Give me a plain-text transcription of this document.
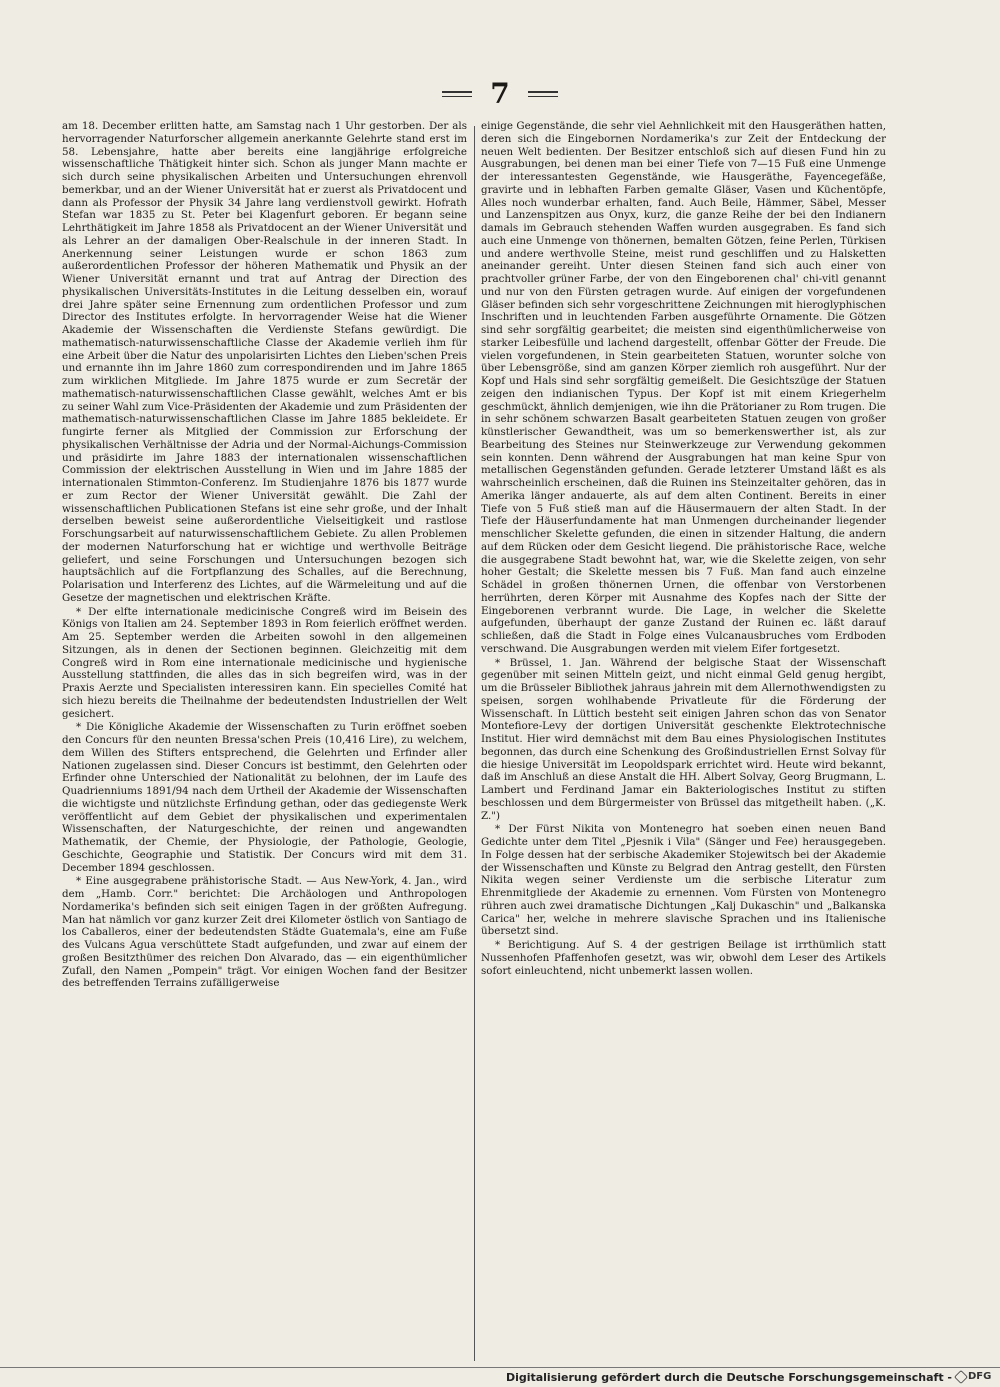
7

am 18. December erlitten hatte, am Samstag nach 1 Uhr gestorben. Der als hervorragender Naturforscher allgemein anerkannte Gelehrte stand erst im 58. Lebensjahre, hatte aber bereits eine langjährige erfolgreiche wissenschaftliche Thätigkeit hinter sich. Schon als junger Mann machte er sich durch seine physikalischen Arbeiten und Untersuchungen ehrenvoll bemerkbar, und an der Wiener Universität hat er zuerst als Privatdocent und dann als Professor der Physik 34 Jahre lang verdienstvoll gewirkt. Hofrath Stefan war 1835 zu St. Peter bei Klagenfurt geboren. Er begann seine Lehrthätigkeit im Jahre 1858 als Privatdocent an der Wiener Universität und als Lehrer an der damaligen Ober-Realschule in der inneren Stadt. In Anerkennung seiner Leistungen wurde er schon 1863 zum außerordentlichen Professor der höheren Mathematik und Physik an der Wiener Universität ernannt und trat auf Antrag der Direction des physikalischen Universitäts-Institutes in die Leitung desselben ein, worauf drei Jahre später seine Ernennung zum ordentlichen Professor und zum Director des Institutes erfolgte. In hervorragender Weise hat die Wiener Akademie der Wissenschaften die Verdienste Stefans gewürdigt. Die mathematisch-naturwissenschaftliche Classe der Akademie verlieh ihm für eine Arbeit über die Natur des unpolarisirten Lichtes den Lieben'schen Preis und ernannte ihn im Jahre 1860 zum correspondirenden und im Jahre 1865 zum wirklichen Mitgliede. Im Jahre 1875 wurde er zum Secretär der mathematisch-naturwissenschaftlichen Classe gewählt, welches Amt er bis zu seiner Wahl zum Vice-Präsidenten der Akademie und zum Präsidenten der mathematisch-naturwissenschaftlichen Classe im Jahre 1885 bekleidete. Er fungirte ferner als Mitglied der Commission zur Erforschung der physikalischen Verhältnisse der Adria und der Normal-Aichungs-Commission und präsidirte im Jahre 1883 der internationalen wissenschaftlichen Commission der elektrischen Ausstellung in Wien und im Jahre 1885 der internationalen Stimmton-Conferenz. Im Studienjahre 1876 bis 1877 wurde er zum Rector der Wiener Universität gewählt. Die Zahl der wissenschaftlichen Publicationen Stefans ist eine sehr große, und der Inhalt derselben beweist seine außerordentliche Vielseitigkeit und rastlose Forschungsarbeit auf naturwissenschaftlichem Gebiete. Zu allen Problemen der modernen Naturforschung hat er wichtige und werthvolle Beiträge geliefert, und seine Forschungen und Untersuchungen bezogen sich hauptsächlich auf die Fortpflanzung des Schalles, auf die Berechnung, Polarisation und Interferenz des Lichtes, auf die Wärmeleitung und auf die Gesetze der magnetischen und elektrischen Kräfte.

* Der elfte internationale medicinische Congreß wird im Beisein des Königs von Italien am 24. September 1893 in Rom feierlich eröffnet werden. Am 25. September werden die Arbeiten sowohl in den allgemeinen Sitzungen, als in denen der Sectionen beginnen. Gleichzeitig mit dem Congreß wird in Rom eine internationale medicinische und hygienische Ausstellung stattfinden, die alles das in sich begreifen wird, was in der Praxis Aerzte und Specialisten interessiren kann. Ein specielles Comité hat sich hiezu bereits die Theilnahme der bedeutendsten Industriellen der Welt gesichert.

* Die Königliche Akademie der Wissenschaften zu Turin eröffnet soeben den Concurs für den neunten Bressa'schen Preis (10,416 Lire), zu welchem, dem Willen des Stifters entsprechend, die Gelehrten und Erfinder aller Nationen zugelassen sind. Dieser Concurs ist bestimmt, den Gelehrten oder Erfinder ohne Unterschied der Nationalität zu belohnen, der im Laufe des Quadrienniums 1891/94 nach dem Urtheil der Akademie der Wissenschaften die wichtigste und nützlichste Erfindung gethan, oder das gediegenste Werk veröffentlicht auf dem Gebiet der physikalischen und experimentalen Wissenschaften, der Naturgeschichte, der reinen und angewandten Mathematik, der Chemie, der Physiologie, der Pathologie, Geologie, Geschichte, Geographie und Statistik. Der Concurs wird mit dem 31. December 1894 geschlossen.

* Eine ausgegrabene prähistorische Stadt. — Aus New-York, 4. Jan., wird dem „Hamb. Corr." berichtet: Die Archäologen und Anthropologen Nordamerika's befinden sich seit einigen Tagen in der größten Aufregung. Man hat nämlich vor ganz kurzer Zeit drei Kilometer östlich von Santiago de los Caballeros, einer der bedeutendsten Städte Guatemala's, eine am Fuße des Vulcans Agua verschüttete Stadt aufgefunden, und zwar auf einem der großen Besitzthümer des reichen Don Alvarado, das — ein eigenthümlicher Zufall, den Namen „Pompein" trägt. Vor einigen Wochen fand der Besitzer des betreffenden Terrains zufälligerweise

einige Gegenstände, die sehr viel Aehnlichkeit mit den Hausgeräthen hatten, deren sich die Eingebornen Nordamerika's zur Zeit der Entdeckung der neuen Welt bedienten. Der Besitzer entschloß sich auf diesen Fund hin zu Ausgrabungen, bei denen man bei einer Tiefe von 7—15 Fuß eine Unmenge der interessantesten Gegenstände, wie Hausgeräthe, Fayencegefäße, gravirte und in lebhaften Farben gemalte Gläser, Vasen und Küchentöpfe, Alles noch wunderbar erhalten, fand. Auch Beile, Hämmer, Säbel, Messer und Lanzenspitzen aus Onyx, kurz, die ganze Reihe der bei den Indianern damals im Gebrauch stehenden Waffen wurden ausgegraben. Es fand sich auch eine Unmenge von thönernen, bemalten Götzen, feine Perlen, Türkisen und andere werthvolle Steine, meist rund geschliffen und zu Halsketten aneinander gereiht. Unter diesen Steinen fand sich auch einer von prachtvoller grüner Farbe, der von den Eingeborenen chal' chi-vitl genannt und nur von den Fürsten getragen wurde. Auf einigen der vorgefundenen Gläser befinden sich sehr vorgeschrittene Zeichnungen mit hieroglyphischen Inschriften und in leuchtenden Farben ausgeführte Ornamente. Die Götzen sind sehr sorgfältig gearbeitet; die meisten sind eigenthümlicherweise von starker Leibesfülle und lachend dargestellt, offenbar Götter der Freude. Die vielen vorgefundenen, in Stein gearbeiteten Statuen, worunter solche von über Lebensgröße, sind am ganzen Körper ziemlich roh ausgeführt. Nur der Kopf und Hals sind sehr sorgfältig gemeißelt. Die Gesichtszüge der Statuen zeigen den indianischen Typus. Der Kopf ist mit einem Kriegerhelm geschmückt, ähnlich demjenigen, wie ihn die Prätorianer zu Rom trugen. Die in sehr schönem schwarzen Basalt gearbeiteten Statuen zeugen von großer künstlerischer Gewandtheit, was um so bemerkenswerther ist, als zur Bearbeitung des Steines nur Steinwerkzeuge zur Verwendung gekommen sein konnten. Denn während der Ausgrabungen hat man keine Spur von metallischen Gegenständen gefunden. Gerade letzterer Umstand läßt es als wahrscheinlich erscheinen, daß die Ruinen ins Steinzeitalter gehören, das in Amerika länger andauerte, als auf dem alten Continent. Bereits in einer Tiefe von 5 Fuß stieß man auf die Häusermauern der alten Stadt. In der Tiefe der Häuserfundamente hat man Unmengen durcheinander liegender menschlicher Skelette gefunden, die einen in sitzender Haltung, die andern auf dem Rücken oder dem Gesicht liegend. Die prähistorische Race, welche die ausgegrabene Stadt bewohnt hat, war, wie die Skelette zeigen, von sehr hoher Gestalt; die Skelette messen bis 7 Fuß. Man fand auch einzelne Schädel in großen thönernen Urnen, die offenbar von Verstorbenen herrührten, deren Körper mit Ausnahme des Kopfes nach der Sitte der Eingeborenen verbrannt wurde. Die Lage, in welcher die Skelette aufgefunden, überhaupt der ganze Zustand der Ruinen ec. läßt darauf schließen, daß die Stadt in Folge eines Vulcanausbruches vom Erdboden verschwand. Die Ausgrabungen werden mit vielem Eifer fortgesetzt.

* Brüssel, 1. Jan. Während der belgische Staat der Wissenschaft gegenüber mit seinen Mitteln geizt, und nicht einmal Geld genug hergibt, um die Brüsseler Bibliothek jahraus jahrein mit dem Allernothwendigsten zu speisen, sorgen wohlhabende Privatleute für die Förderung der Wissenschaft. In Lüttich besteht seit einigen Jahren schon das von Senator Montefiore-Levy der dortigen Universität geschenkte Elektrotechnische Institut. Hier wird demnächst mit dem Bau eines Physiologischen Institutes begonnen, das durch eine Schenkung des Großindustriellen Ernst Solvay für die hiesige Universität im Leopoldspark errichtet wird. Heute wird bekannt, daß im Anschluß an diese Anstalt die HH. Albert Solvay, Georg Brugmann, L. Lambert und Ferdinand Jamar ein Bakteriologisches Institut zu stiften beschlossen und dem Bürgermeister von Brüssel das mitgetheilt haben. („K. Z.")

* Der Fürst Nikita von Montenegro hat soeben einen neuen Band Gedichte unter dem Titel „Pjesnik i Vila" (Sänger und Fee) herausgegeben. In Folge dessen hat der serbische Akademiker Stojewitsch bei der Akademie der Wissenschaften und Künste zu Belgrad den Antrag gestellt, den Fürsten Nikita wegen seiner Verdienste um die serbische Literatur zum Ehrenmitgliede der Akademie zu ernennen. Vom Fürsten von Montenegro rühren auch zwei dramatische Dichtungen „Kalj Dukaschin" und „Balkanska Carica" her, welche in mehrere slavische Sprachen und ins Italienische übersetzt sind.

* Berichtigung. Auf S. 4 der gestrigen Beilage ist irrthümlich statt Nussenhofen Pfaffenhofen gesetzt, was wir, obwohl dem Leser des Artikels sofort einleuchtend, nicht unbemerkt lassen wollen.

Digitalisierung gefördert durch die Deutsche Forschungsgemeinschaft - DFG
